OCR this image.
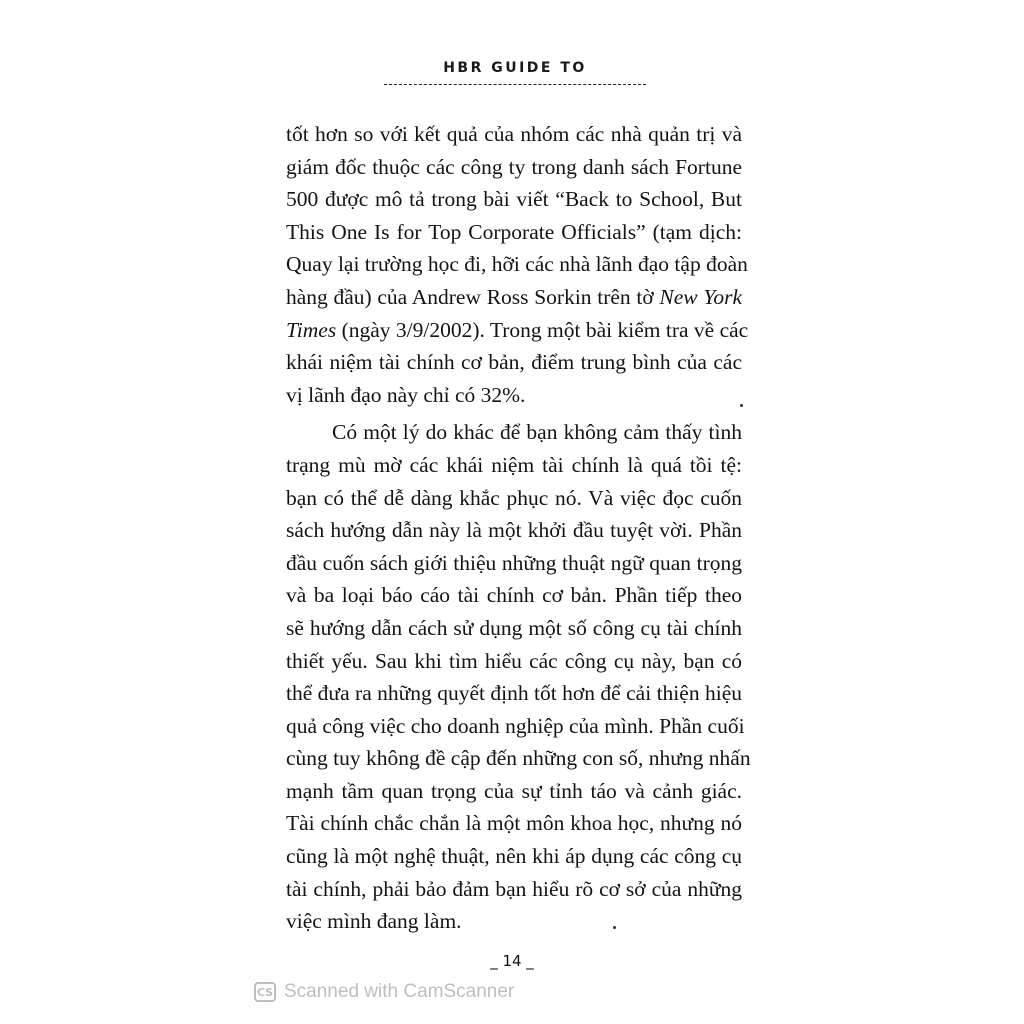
HBR GUIDE TO

tốt hơn so với kết quả của nhóm các nhà quản trị và
giám đốc thuộc các công ty trong danh sách Fortune
500 được mô tả trong bài viết “Back to School, But
This One Is for Top Corporate Officials” (tạm dịch:
Quay lại trường học đi, hỡi các nhà lãnh đạo tập đoàn
hàng đầu) của Andrew Ross Sorkin trên tờ New York
Times (ngày 3/9/2002). Trong một bài kiểm tra về các
khái niệm tài chính cơ bản, điểm trung bình của các
vị lãnh đạo này chỉ có 32%.

Có một lý do khác để bạn không cảm thấy tình
trạng mù mờ các khái niệm tài chính là quá tồi tệ:
bạn có thể dễ dàng khắc phục nó. Và việc đọc cuốn
sách hướng dẫn này là một khởi đầu tuyệt vời. Phần
đầu cuốn sách giới thiệu những thuật ngữ quan trọng
và ba loại báo cáo tài chính cơ bản. Phần tiếp theo
sẽ hướng dẫn cách sử dụng một số công cụ tài chính
thiết yếu. Sau khi tìm hiểu các công cụ này, bạn có
thể đưa ra những quyết định tốt hơn để cải thiện hiệu
quả công việc cho doanh nghiệp của mình. Phần cuối
cùng tuy không đề cập đến những con số, nhưng nhấn
mạnh tầm quan trọng của sự tỉnh táo và cảnh giác.
Tài chính chắc chắn là một môn khoa học, nhưng nó
cũng là một nghệ thuật, nên khi áp dụng các công cụ
tài chính, phải bảo đảm bạn hiểu rõ cơ sở của những
việc mình đang làm.

_ 14 _
CS Scanned with CamScanner
